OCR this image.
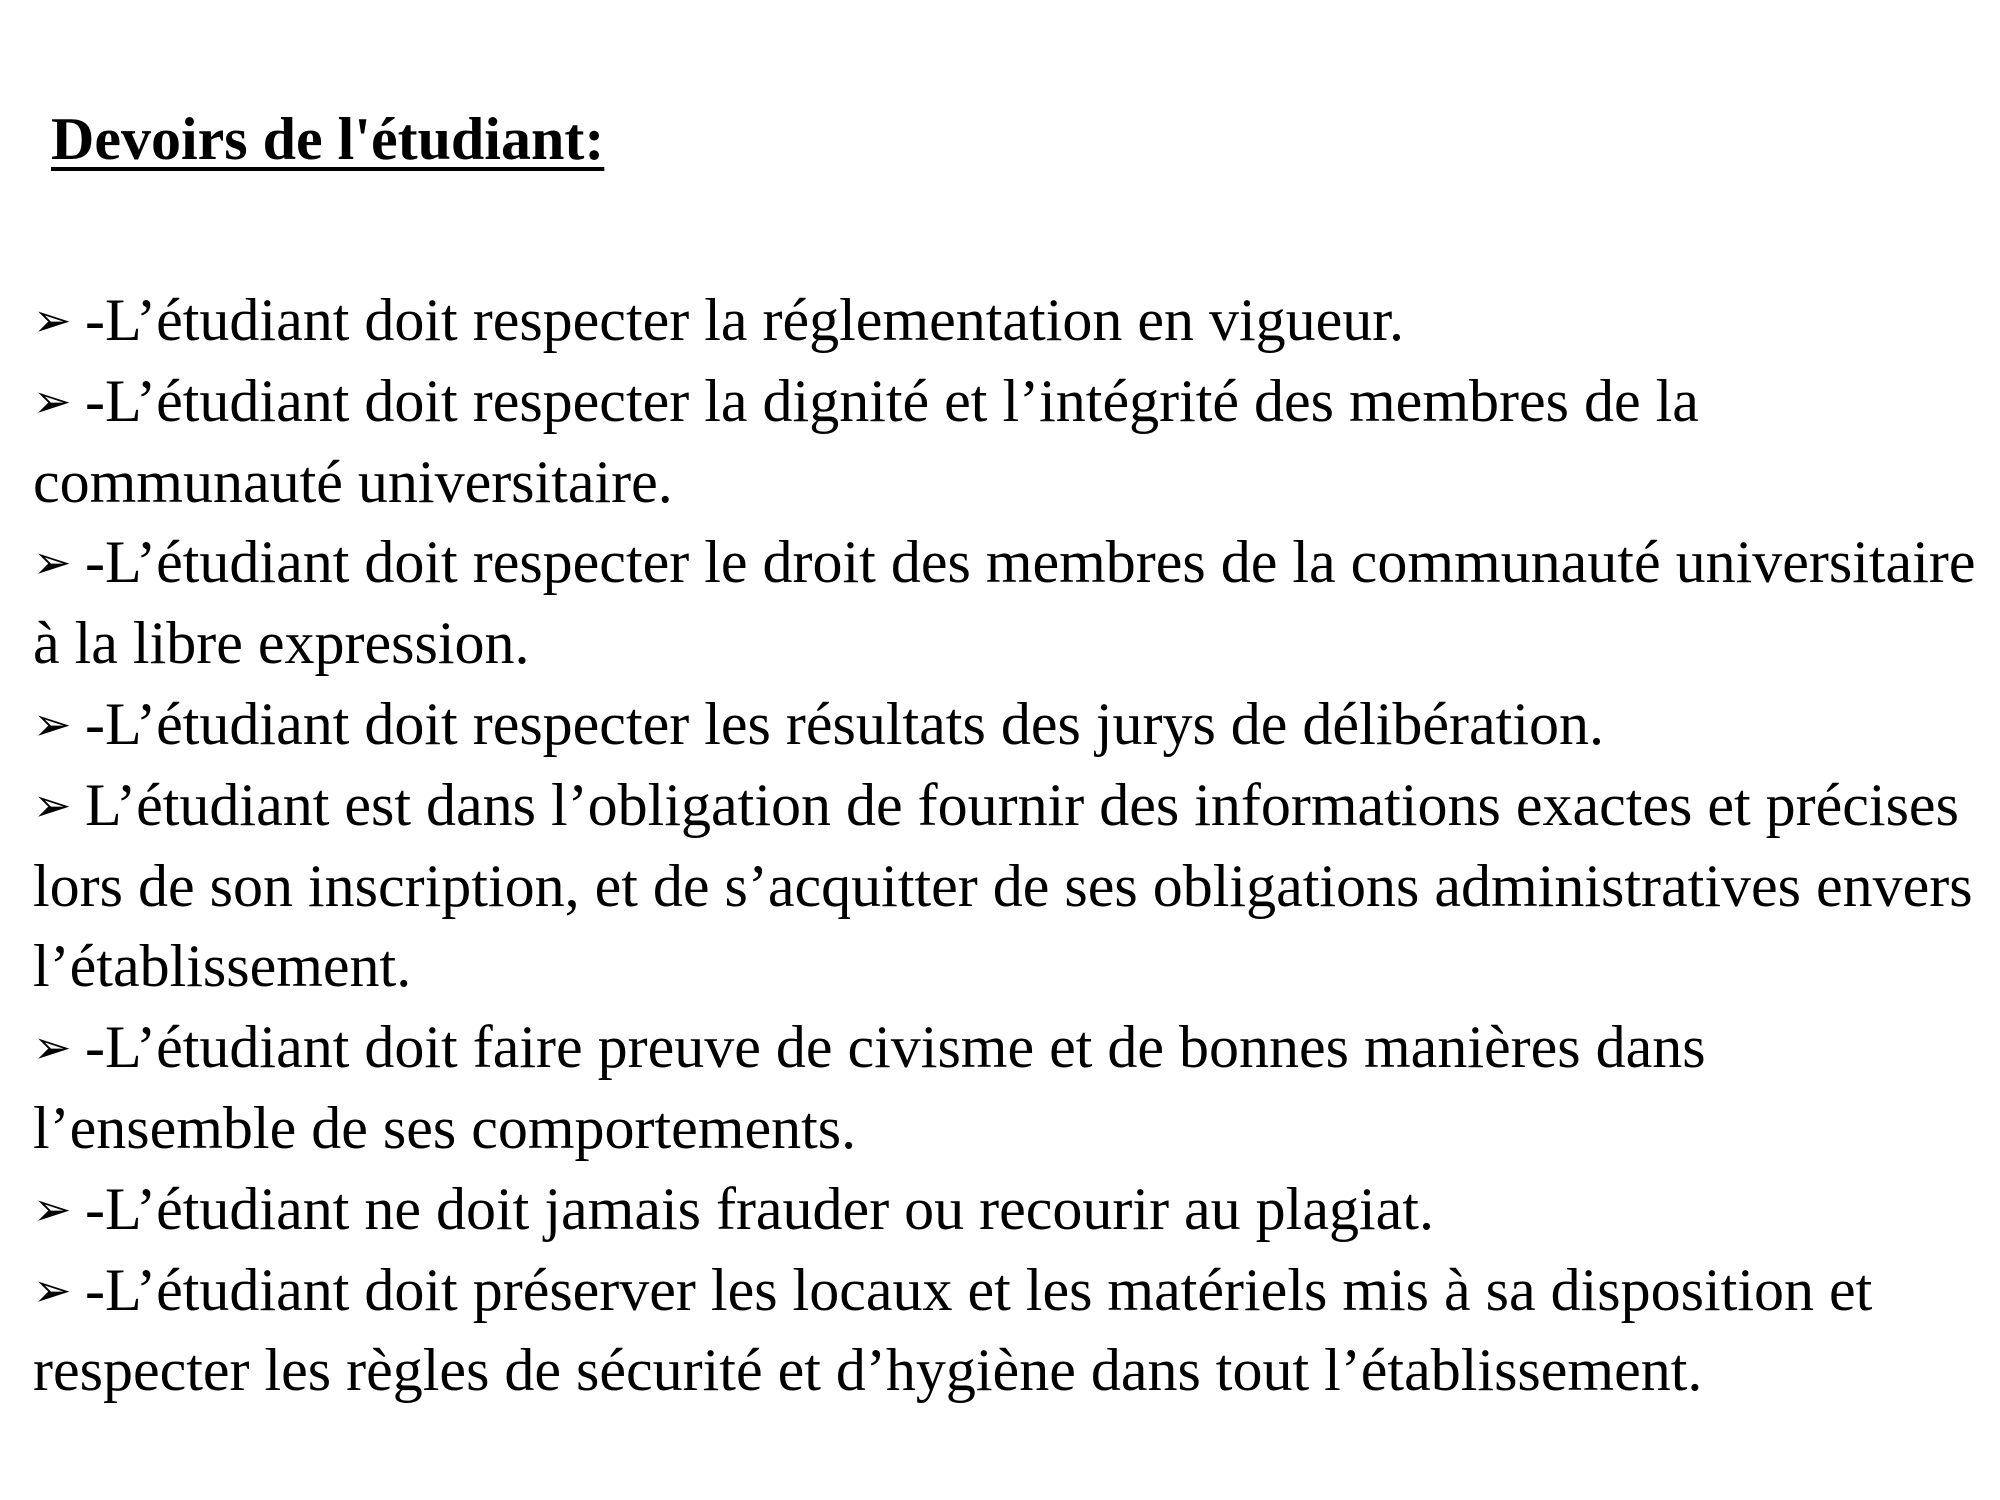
Devoirs de l'étudiant:
➢ -L’étudiant doit respecter la réglementation en vigueur.
➢ -L’étudiant doit respecter la dignité et l’intégrité des membres de la communauté universitaire.
➢ -L’étudiant doit respecter le droit des membres de la communauté universitaire à la libre expression.
➢ -L’étudiant doit respecter les résultats des jurys de délibération.
➢ L’étudiant est dans l’obligation de fournir des informations exactes et précises lors de son inscription, et de s’acquitter de ses obligations administratives envers l’établissement.
➢ -L’étudiant doit faire preuve de civisme et de bonnes manières dans l’ensemble de ses comportements.
➢ -L’étudiant ne doit jamais frauder ou recourir au plagiat.
➢ -L’étudiant doit préserver les locaux et les matériels mis à sa disposition et respecter les règles de sécurité et d’hygiène dans tout l’établissement.
